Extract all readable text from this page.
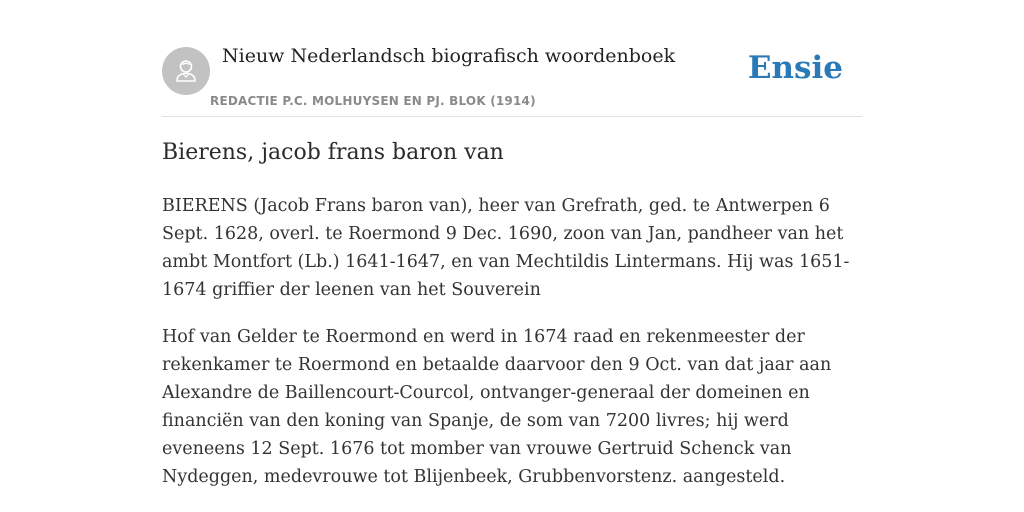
Nieuw Nederlandsch biografisch woordenboek
REDACTIE P.C. MOLHUYSEN EN PJ. BLOK (1914)
Ensie
Bierens, jacob frans baron van

BIERENS (Jacob Frans baron van), heer van Grefrath, ged. te Antwerpen 6 Sept. 1628, overl. te Roermond 9 Dec. 1690, zoon van Jan, pandheer van het ambt Montfort (Lb.) 1641-1647, en van Mechtildis Lintermans. Hij was 1651-1674 griffier der leenen van het Souverein

Hof van Gelder te Roermond en werd in 1674 raad en rekenmeester der rekenkamer te Roermond en betaalde daarvoor den 9 Oct. van dat jaar aan Alexandre de Baillencourt-Courcol, ontvanger-generaal der domeinen en financiën van den koning van Spanje, de som van 7200 livres; hij werd eveneens 12 Sept. 1676 tot momber van vrouwe Gertruid Schenck van Nydeggen, medevrouwe tot Blijenbeek, Grubbenvorstenz. aangesteld.
